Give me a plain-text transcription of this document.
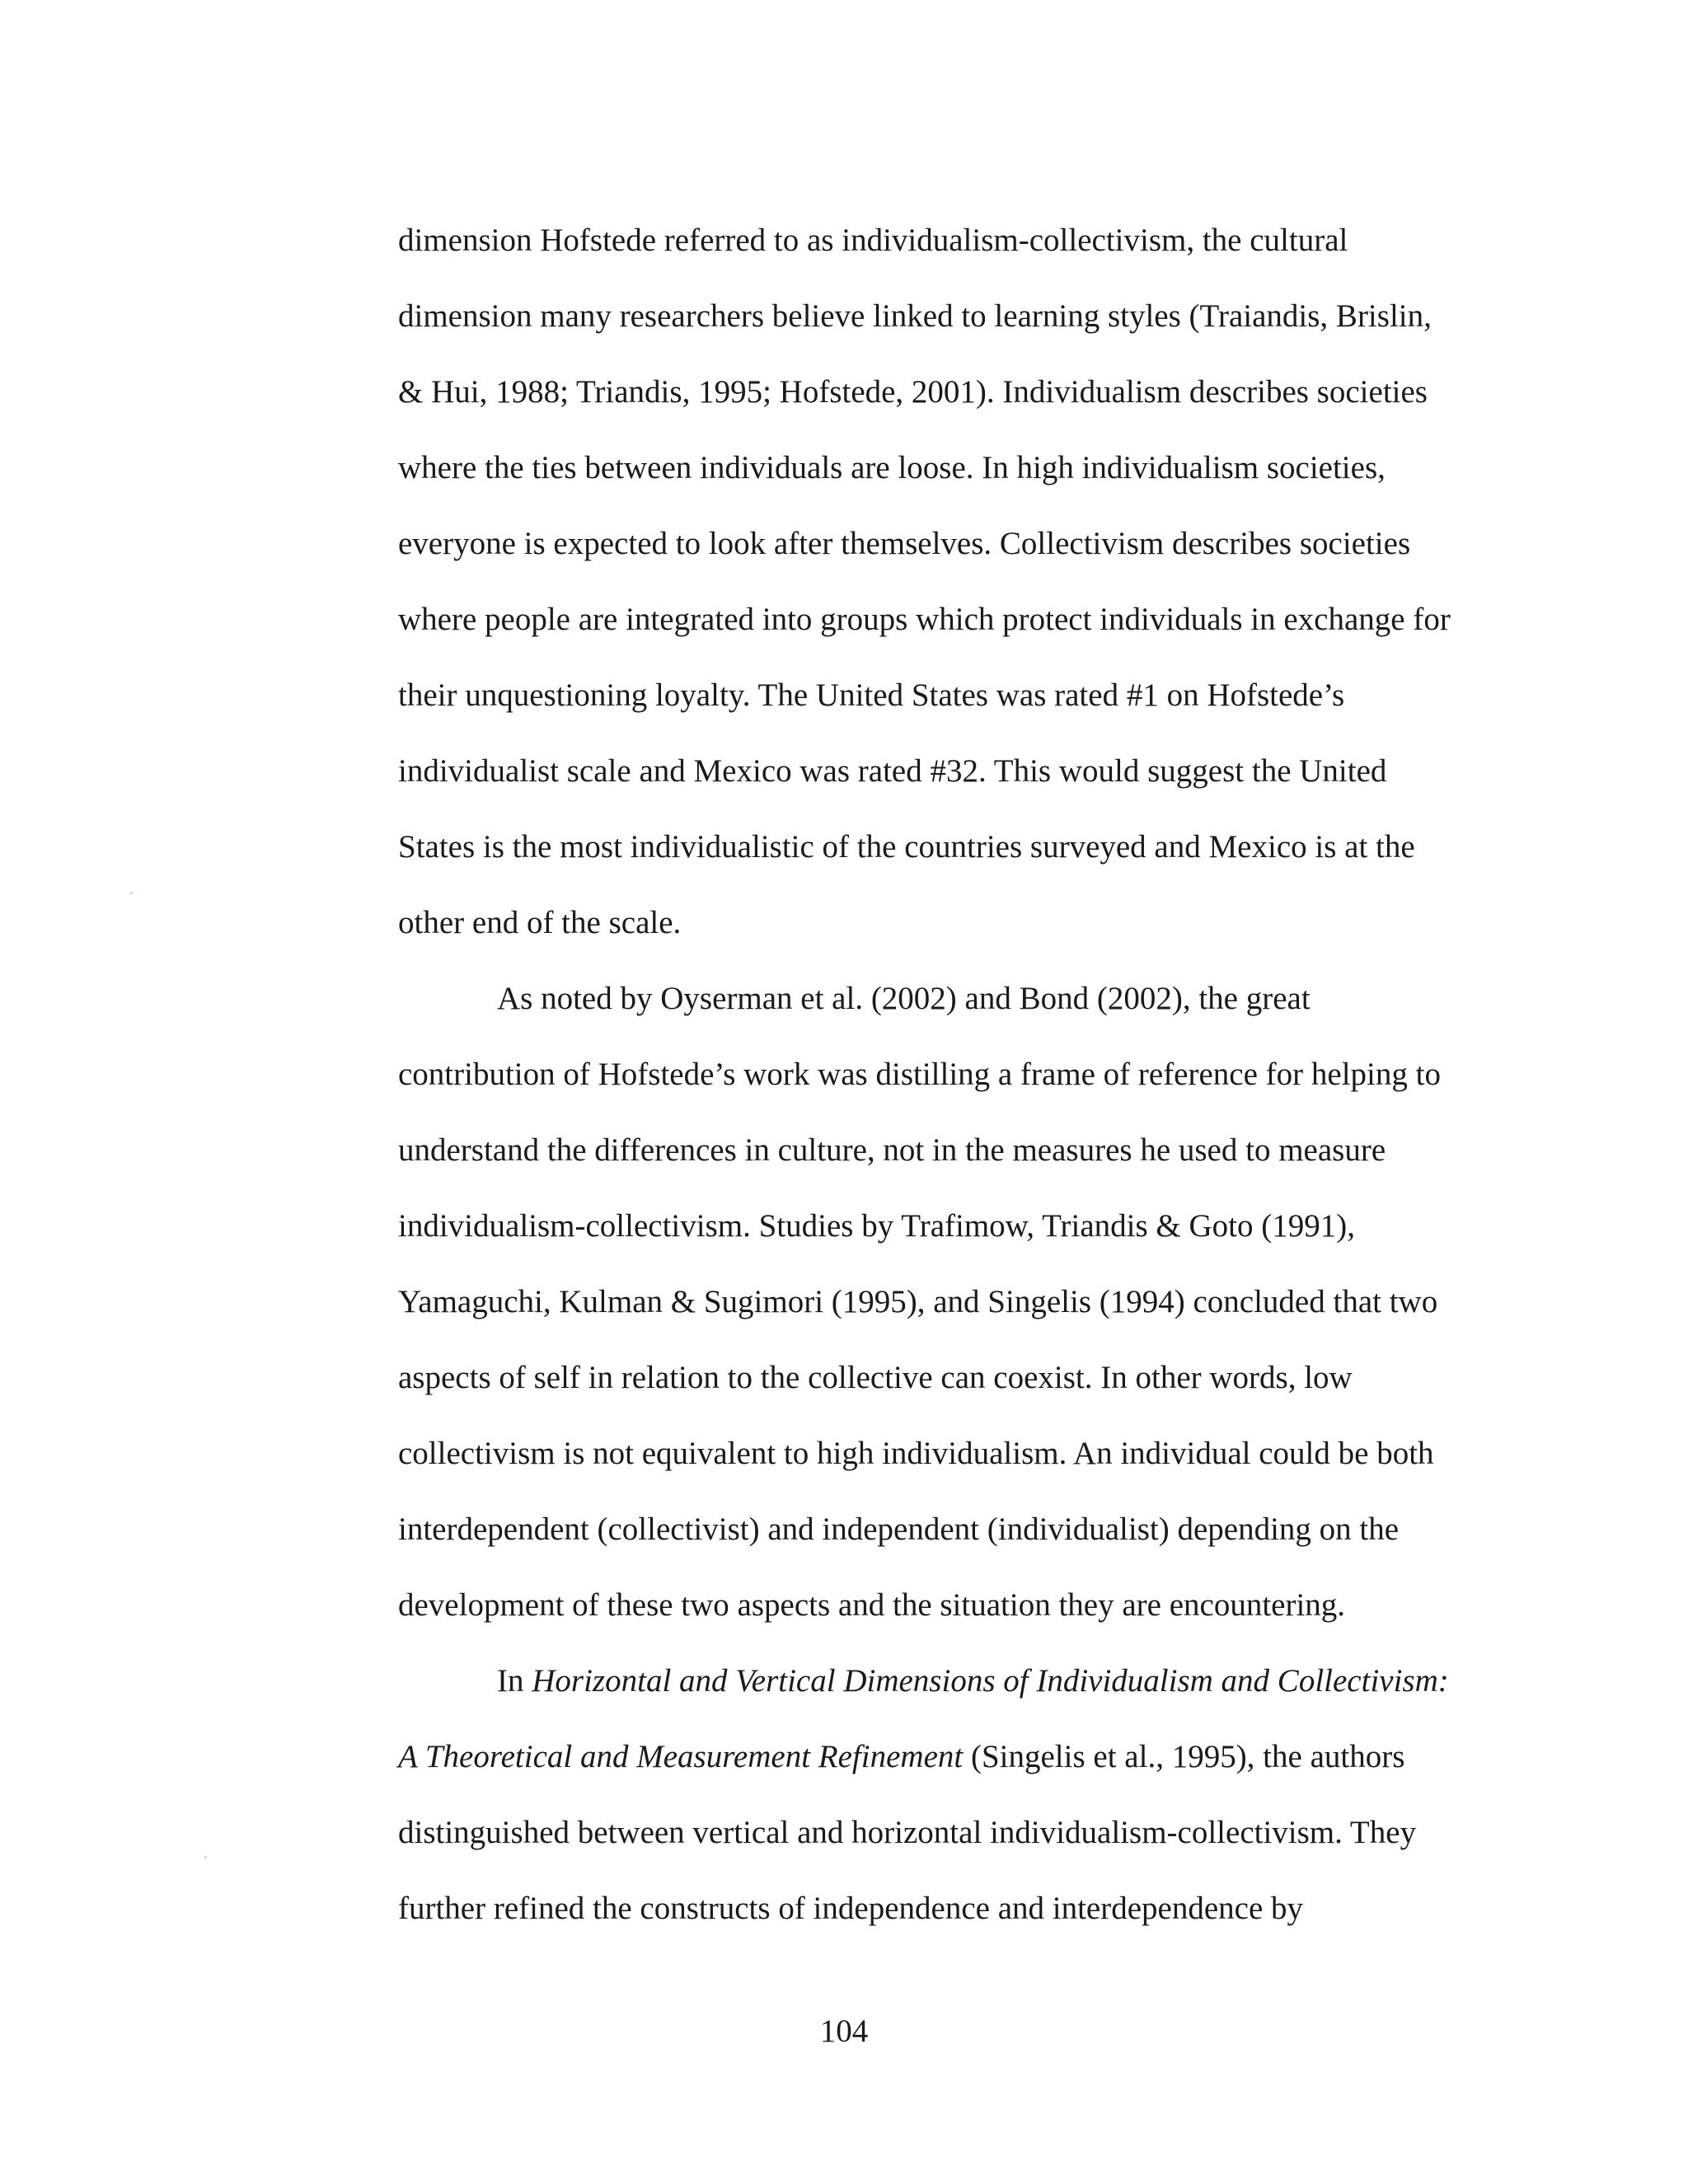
dimension Hofstede referred to as individualism-collectivism, the cultural
dimension many researchers believe linked to learning styles (Traiandis, Brislin,
& Hui, 1988; Triandis, 1995; Hofstede, 2001). Individualism describes societies
where the ties between individuals are loose. In high individualism societies,
everyone is expected to look after themselves. Collectivism describes societies
where people are integrated into groups which protect individuals in exchange for
their unquestioning loyalty. The United States was rated #1 on Hofstede’s
individualist scale and Mexico was rated #32. This would suggest the United
States is the most individualistic of the countries surveyed and Mexico is at the
other end of the scale.
As noted by Oyserman et al. (2002) and Bond (2002), the great
contribution of Hofstede’s work was distilling a frame of reference for helping to
understand the differences in culture, not in the measures he used to measure
individualism-collectivism. Studies by Trafimow, Triandis & Goto (1991),
Yamaguchi, Kulman & Sugimori (1995), and Singelis (1994) concluded that two
aspects of self in relation to the collective can coexist. In other words, low
collectivism is not equivalent to high individualism. An individual could be both
interdependent (collectivist) and independent (individualist) depending on the
development of these two aspects and the situation they are encountering.
In Horizontal and Vertical Dimensions of Individualism and Collectivism:
A Theoretical and Measurement Refinement (Singelis et al., 1995), the authors
distinguished between vertical and horizontal individualism-collectivism. They
further refined the constructs of independence and interdependence by
104
